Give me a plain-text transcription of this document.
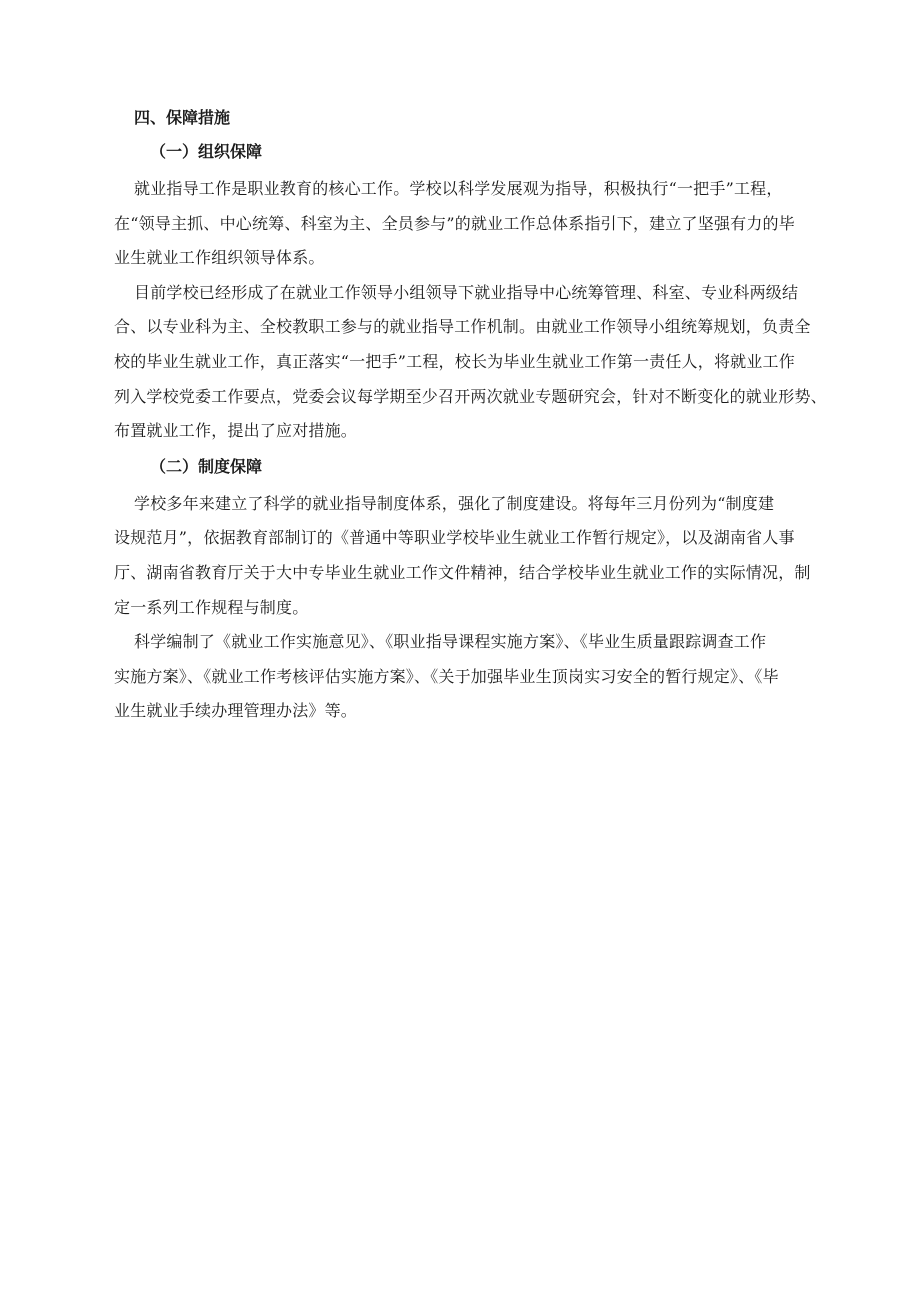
四、保障措施
（一）组织保障
就业指导工作是职业教育的核心工作。学校以科学发展观为指导，积极执行“一把手”工程，
在“领导主抓、中心统筹、科室为主、全员参与”的就业工作总体系指引下，建立了坚强有力的毕
业生就业工作组织领导体系。
目前学校已经形成了在就业工作领导小组领导下就业指导中心统筹管理、科室、专业科两级结
合、以专业科为主、全校教职工参与的就业指导工作机制。由就业工作领导小组统筹规划，负责全
校的毕业生就业工作，真正落实“一把手”工程，校长为毕业生就业工作第一责任人，将就业工作
列入学校党委工作要点，党委会议每学期至少召开两次就业专题研究会，针对不断变化的就业形势、
布置就业工作，提出了应对措施。
（二）制度保障
学校多年来建立了科学的就业指导制度体系，强化了制度建设。将每年三月份列为“制度建
设规范月”，依据教育部制订的《普通中等职业学校毕业生就业工作暂行规定》，以及湖南省人事
厅、湖南省教育厅关于大中专毕业生就业工作文件精神，结合学校毕业生就业工作的实际情况，制
定一系列工作规程与制度。
科学编制了《就业工作实施意见》、《职业指导课程实施方案》、《毕业生质量跟踪调查工作
实施方案》、《就业工作考核评估实施方案》、《关于加强毕业生顶岗实习安全的暂行规定》、《毕
业生就业手续办理管理办法》等。
